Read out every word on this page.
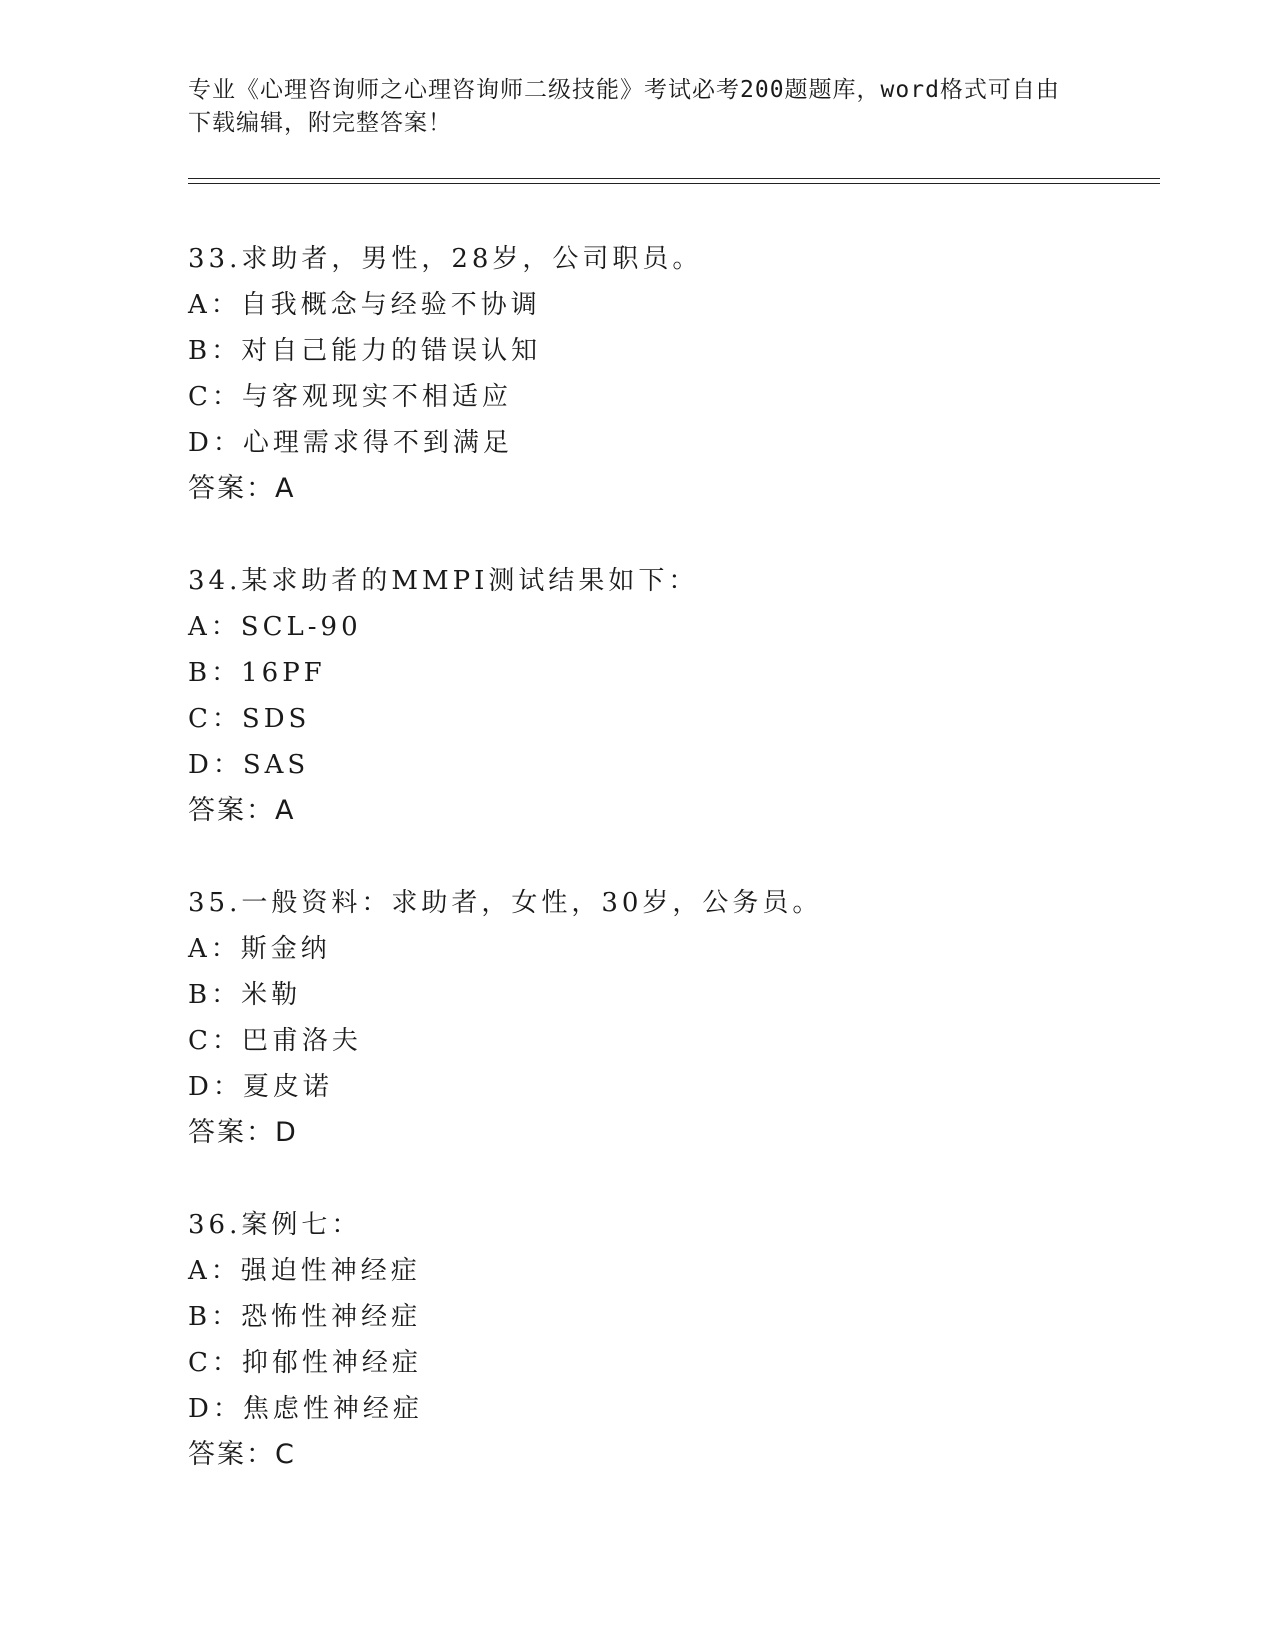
专业《心理咨询师之心理咨询师二级技能》考试必考200题题库，word格式可自由下载编辑，附完整答案！
33.求助者，男性，28岁，公司职员。
A：自我概念与经验不协调
B：对自己能力的错误认知
C：与客观现实不相适应
D：心理需求得不到满足
答案：A
34.某求助者的MMPI测试结果如下：
A：SCL-90
B：16PF
C：SDS
D：SAS
答案：A
35.一般资料：求助者，女性，30岁，公务员。
A：斯金纳
B：米勒
C：巴甫洛夫
D：夏皮诺
答案：D
36.案例七：
A：强迫性神经症
B：恐怖性神经症
C：抑郁性神经症
D：焦虑性神经症
答案：C
